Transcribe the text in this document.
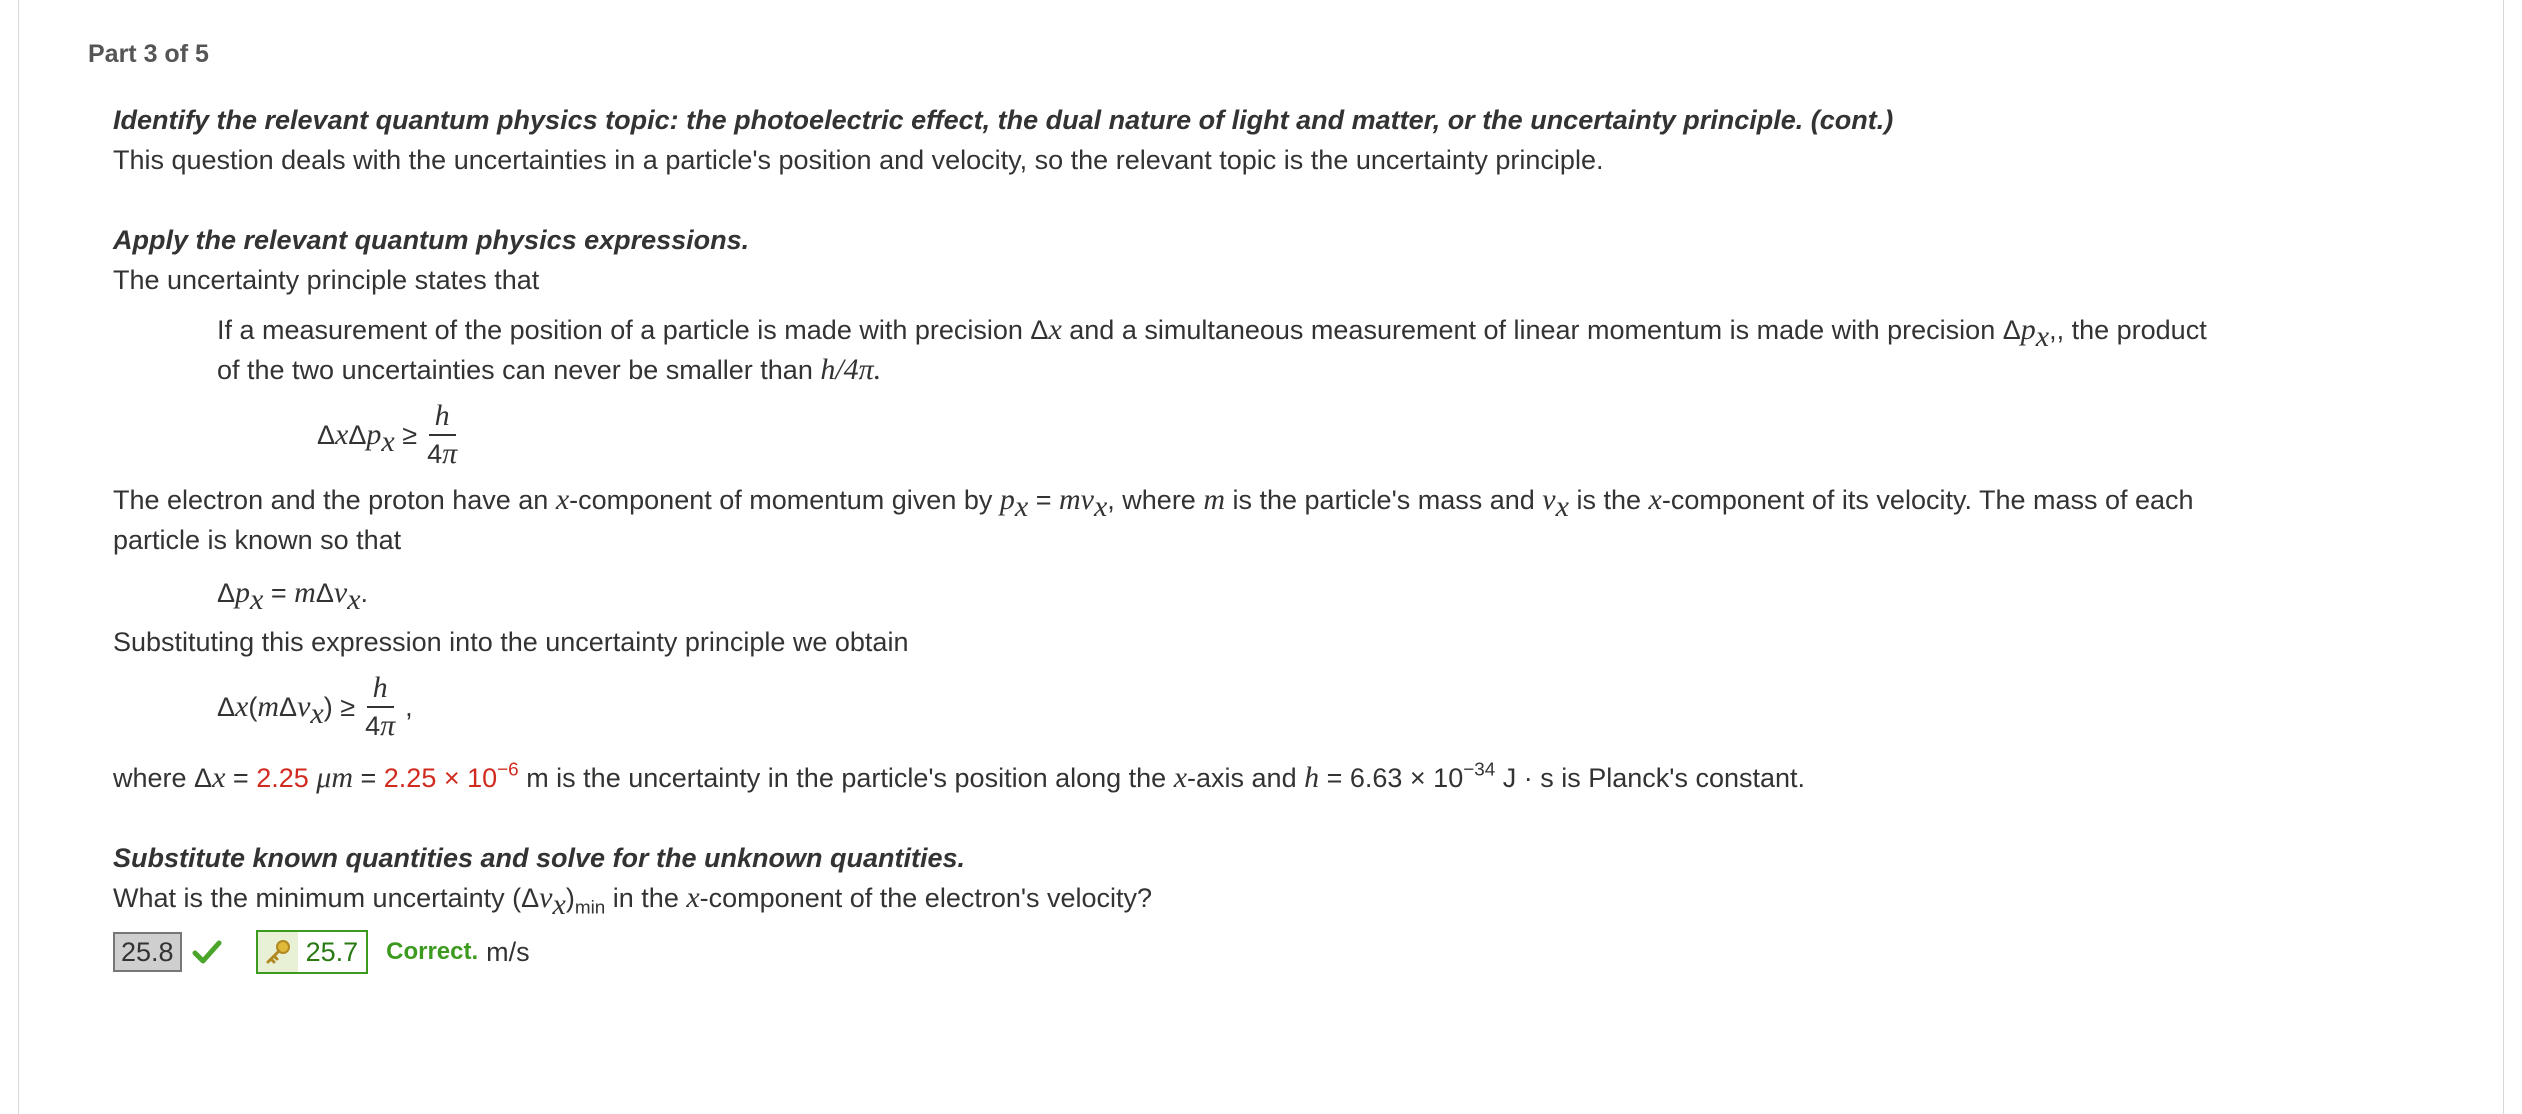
Part 3 of 5

Identify the relevant quantum physics topic: the photoelectric effect, the dual nature of light and matter, or the uncertainty principle. (cont.)

This question deals with the uncertainties in a particle's position and velocity, so the relevant topic is the uncertainty principle.

Apply the relevant quantum physics expressions.

The uncertainty principle states that

If a measurement of the position of a particle is made with precision Δx and a simultaneous measurement of linear momentum is made with precision $\Delta p_x$,, the product

of the two uncertainties can never be smaller than h/4π.

$\Delta x\Delta p_x \ge \frac{h}{4\pi}$

The electron and the proton have an x-component of momentum given by $p_x = mv_x$, where m is the particle's mass and $v_x$ is the x-component of its velocity. The mass of each

particle is known so that

$\Delta p_x = m\Delta v_x$.

Substituting this expression into the uncertainty principle we obtain

$\Delta x(m\Delta v_x) \ge \frac{h}{4\pi}$ ,

where Δx = 2.25 $\mu m = 2.25 \times 10^{-6}$ m is the uncertainty in the particle's position along the x-axis and $h = 6.63 \times 10^{-34}$ J · s is Planck's constant.

Substitute known quantities and solve for the unknown quantities.

What is the minimum uncertainty $(\Delta v_x)_{min}$ in the x-component of the electron's velocity?

25.8	25.7	Correct. m/s
